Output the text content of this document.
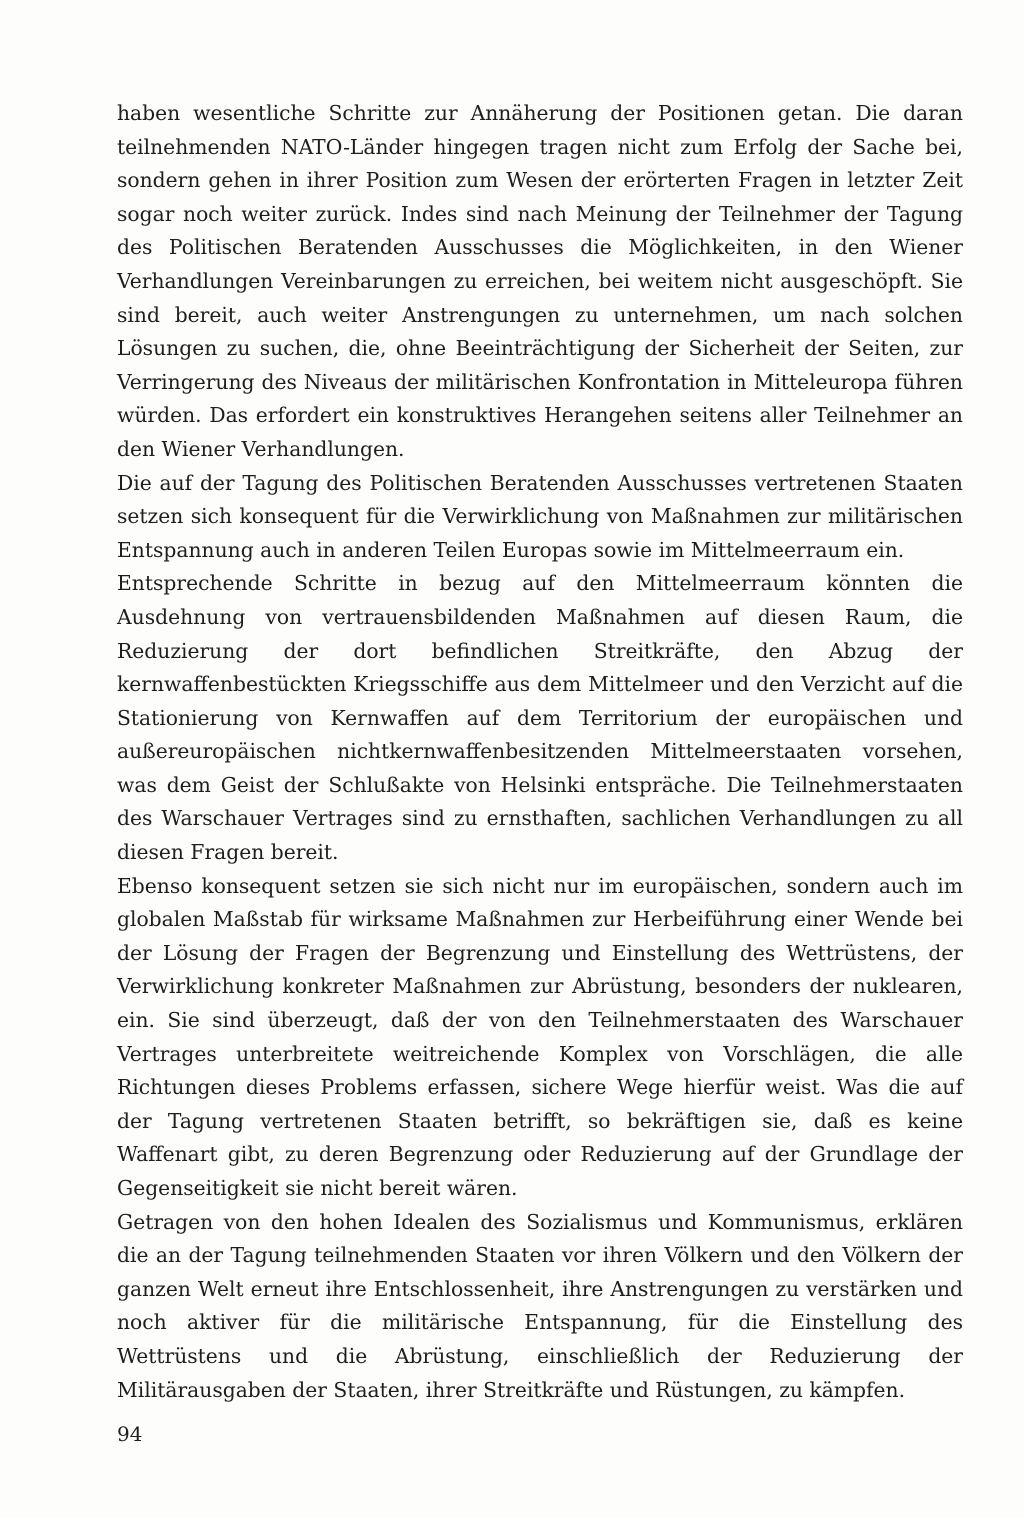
haben wesentliche Schritte zur Annäherung der Positionen getan. Die daran teilnehmenden NATO-Länder hingegen tragen nicht zum Erfolg der Sache bei, sondern gehen in ihrer Position zum Wesen der erörterten Fragen in letzter Zeit sogar noch weiter zurück. Indes sind nach Meinung der Teilnehmer der Tagung des Politischen Beratenden Ausschusses die Möglichkeiten, in den Wiener Verhandlungen Vereinbarungen zu erreichen, bei weitem nicht ausgeschöpft. Sie sind bereit, auch weiter Anstrengungen zu unternehmen, um nach solchen Lösungen zu suchen, die, ohne Beeinträchtigung der Sicherheit der Seiten, zur Verringerung des Niveaus der militärischen Konfrontation in Mitteleuropa führen würden. Das erfordert ein konstruktives Herangehen seitens aller Teilnehmer an den Wiener Verhandlungen.

Die auf der Tagung des Politischen Beratenden Ausschusses vertretenen Staaten setzen sich konsequent für die Verwirklichung von Maßnahmen zur militärischen Entspannung auch in anderen Teilen Europas sowie im Mittelmeerraum ein.

Entsprechende Schritte in bezug auf den Mittelmeerraum könnten die Ausdehnung von vertrauensbildenden Maßnahmen auf diesen Raum, die Reduzierung der dort befindlichen Streitkräfte, den Abzug der kernwaffenbestückten Kriegsschiffe aus dem Mittelmeer und den Verzicht auf die Stationierung von Kernwaffen auf dem Territorium der europäischen und außereuropäischen nichtkernwaffenbesitzenden Mittelmeerstaaten vorsehen, was dem Geist der Schlußakte von Helsinki entspräche. Die Teilnehmerstaaten des Warschauer Vertrages sind zu ernsthaften, sachlichen Verhandlungen zu all diesen Fragen bereit.

Ebenso konsequent setzen sie sich nicht nur im europäischen, sondern auch im globalen Maßstab für wirksame Maßnahmen zur Herbeiführung einer Wende bei der Lösung der Fragen der Begrenzung und Einstellung des Wettrüstens, der Verwirklichung konkreter Maßnahmen zur Abrüstung, besonders der nuklearen, ein. Sie sind überzeugt, daß der von den Teilnehmerstaaten des Warschauer Vertrages unterbreitete weitreichende Komplex von Vorschlägen, die alle Richtungen dieses Problems erfassen, sichere Wege hierfür weist. Was die auf der Tagung vertretenen Staaten betrifft, so bekräftigen sie, daß es keine Waffenart gibt, zu deren Begrenzung oder Reduzierung auf der Grundlage der Gegenseitigkeit sie nicht bereit wären.

Getragen von den hohen Idealen des Sozialismus und Kommunismus, erklären die an der Tagung teilnehmenden Staaten vor ihren Völkern und den Völkern der ganzen Welt erneut ihre Entschlossenheit, ihre Anstrengungen zu verstärken und noch aktiver für die militärische Entspannung, für die Einstellung des Wettrüstens und die Abrüstung, einschließlich der Reduzierung der Militärausgaben der Staaten, ihrer Streitkräfte und Rüstungen, zu kämpfen.

94
